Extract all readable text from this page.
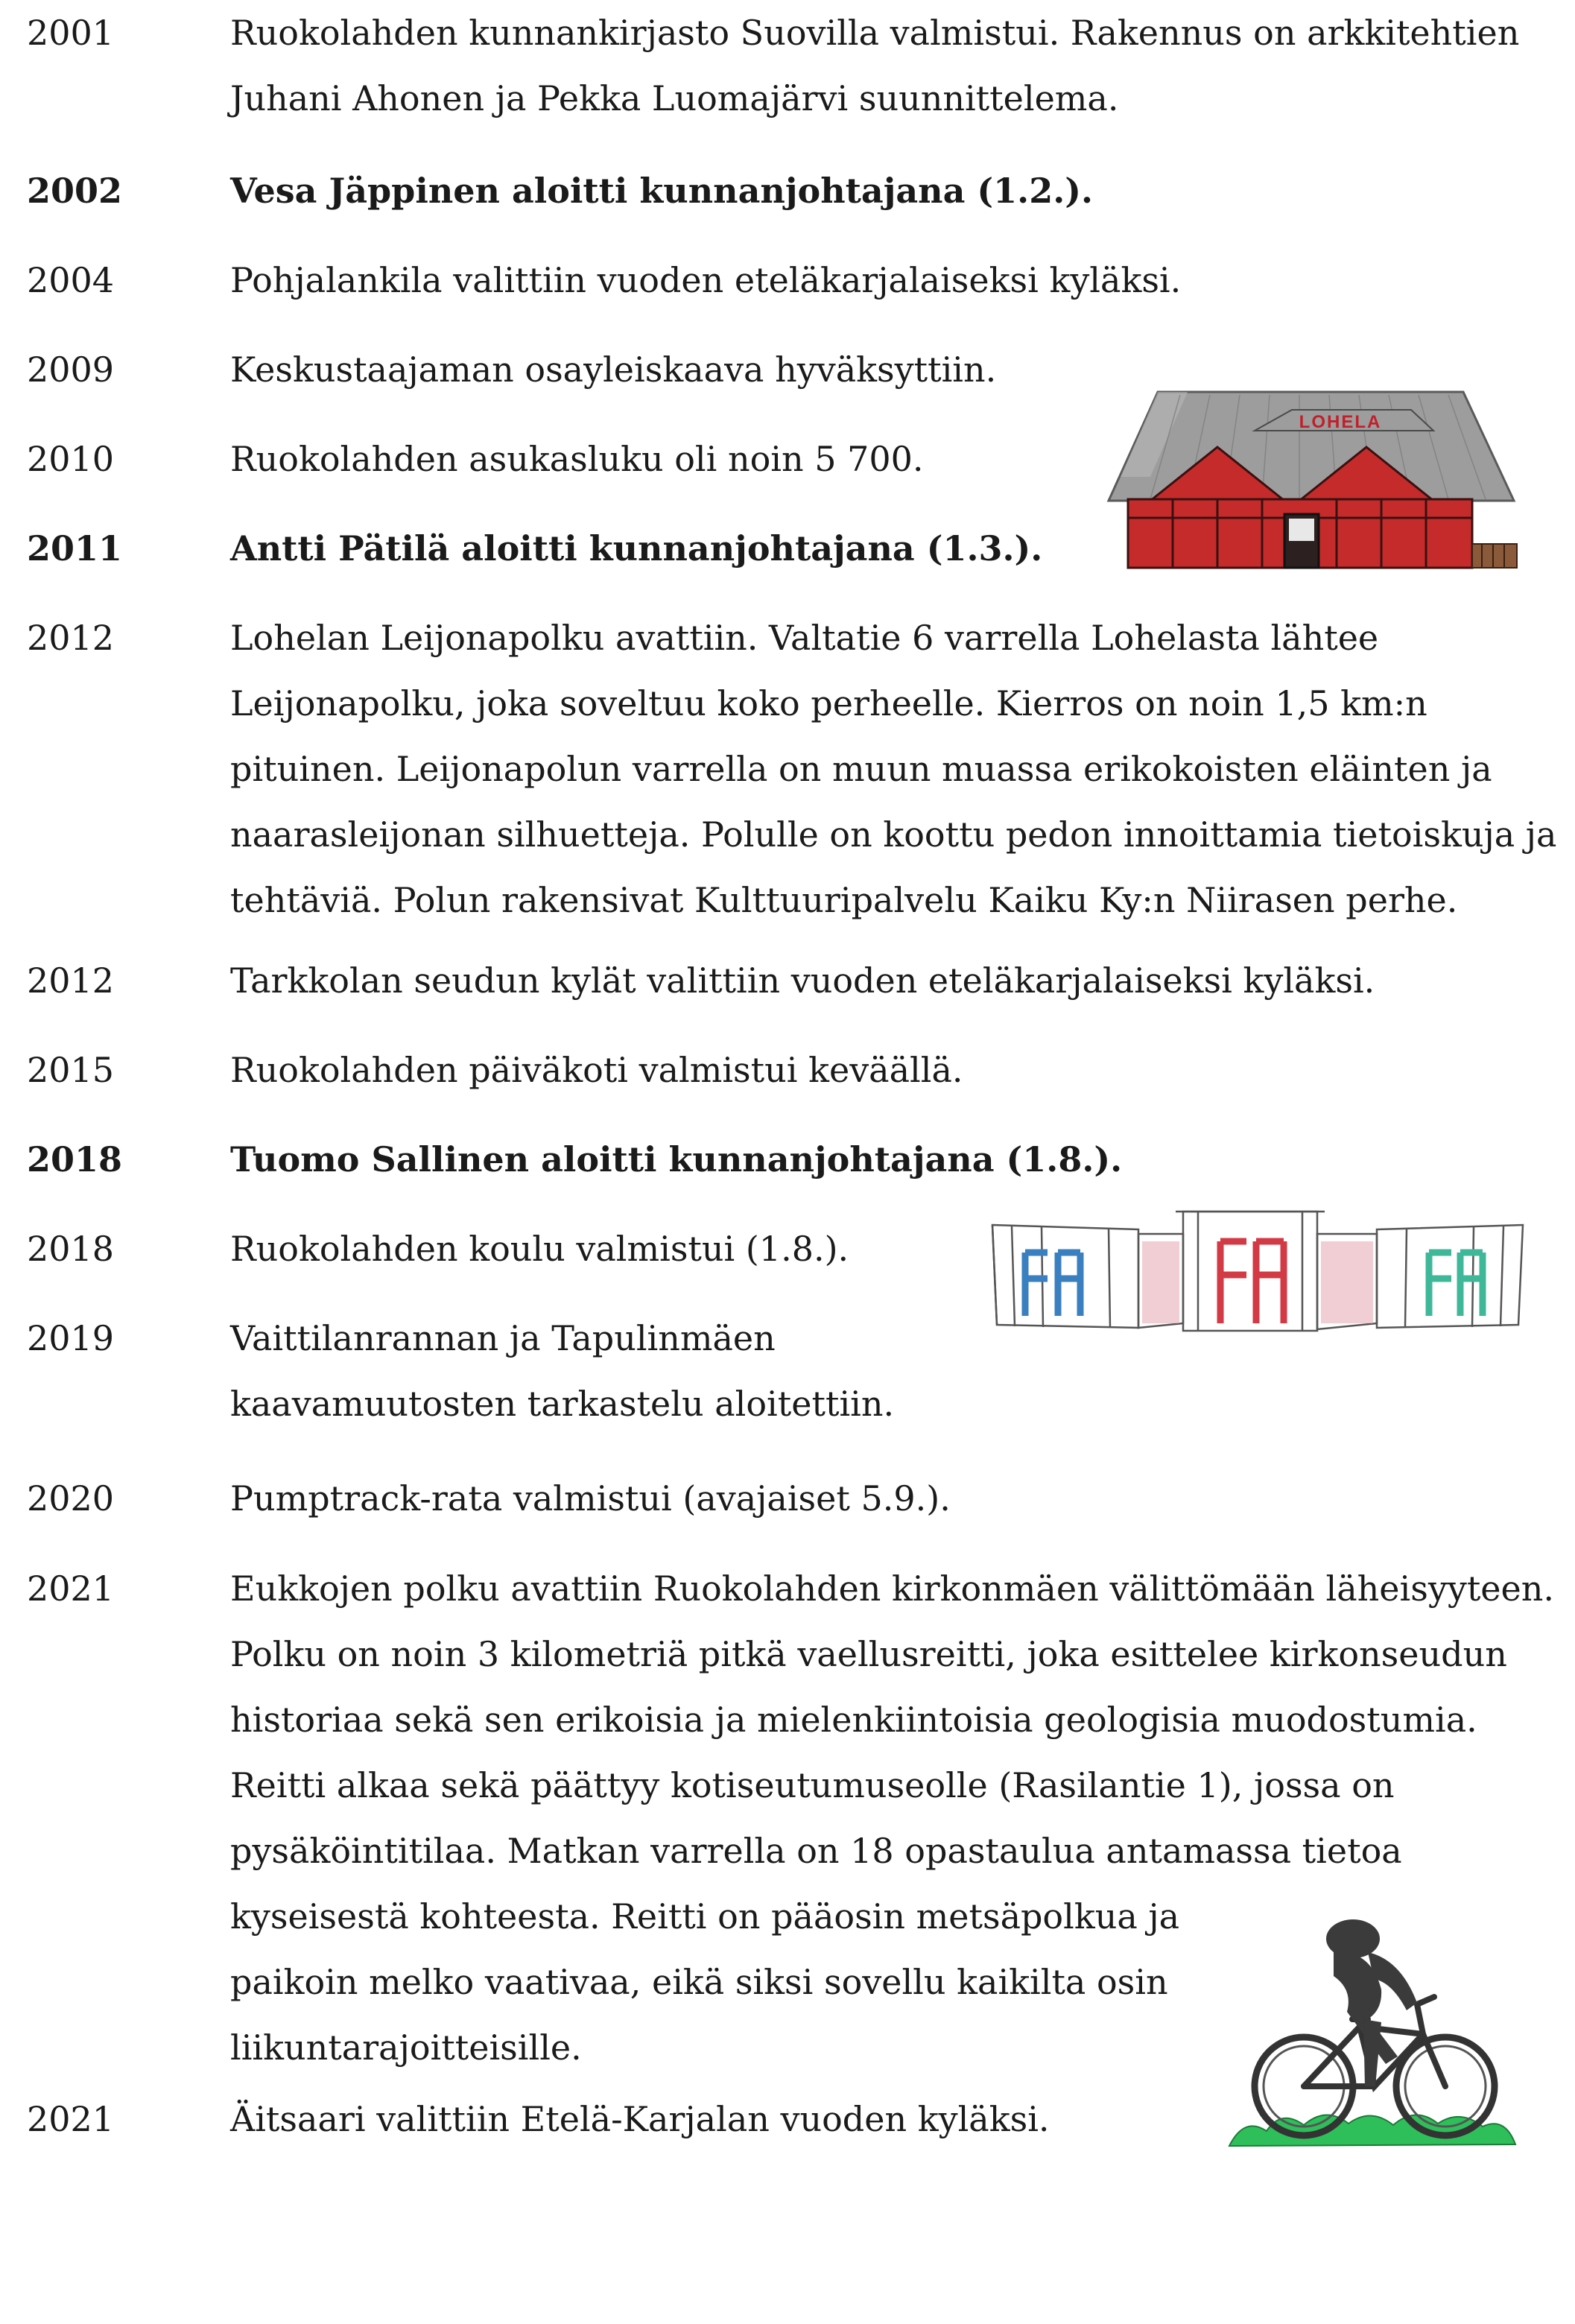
2001	Ruokolahden kunnankirjasto Suovilla valmistui. Rakennus on arkkitehtien
Juhani Ahonen ja Pekka Luomajärvi suunnittelema.
2002	Vesa Jäppinen aloitti kunnanjohtajana (1.2.).
2004	Pohjalankila valittiin vuoden eteläkarjalaiseksi kyläksi.
2009	Keskustaajaman osayleiskaava hyväksyttiin.
2010	Ruokolahden asukasluku oli noin 5 700.
2011	Antti Pätilä aloitti kunnanjohtajana (1.3.).
2012	Lohelan Leijonapolku avattiin. Valtatie 6 varrella Lohelasta lähtee
Leijonapolku, joka soveltuu koko perheelle. Kierros on noin 1,5 km:n
pituinen. Leijonapolun varrella on muun muassa erikokoisten eläinten ja
naarasleijonan silhuetteja. Polulle on koottu pedon innoittamia tietoiskuja ja
tehtäviä. Polun rakensivat Kulttuuripalvelu Kaiku Ky:n Niirasen perhe.
2012	Tarkkolan seudun kylät valittiin vuoden eteläkarjalaiseksi kyläksi.
2015	Ruokolahden päiväkoti valmistui keväällä.
2018	Tuomo Sallinen aloitti kunnanjohtajana (1.8.).
2018	Ruokolahden koulu valmistui (1.8.).
2019	Vaittilanrannan ja Tapulinmäen
kaavamuutosten tarkastelu aloitettiin.
2020	Pumptrack-rata valmistui (avajaiset 5.9.).
2021	Eukkojen polku avattiin Ruokolahden kirkonmäen välittömään läheisyyteen.
Polku on noin 3 kilometriä pitkä vaellusreitti, joka esittelee kirkonseudun
historiaa sekä sen erikoisia ja mielenkiintoisia geologisia muodostumia.
Reitti alkaa sekä päättyy kotiseutumuseolle (Rasilantie 1), jossa on
pysäköintitilaa. Matkan varrella on 18 opastaulua antamassa tietoa
kyseisestä kohteesta. Reitti on pääosin metsäpolkua ja
paikoin melko vaativaa, eikä siksi sovellu kaikilta osin
liikuntarajoitteisille.
2021	Äitsaari valittiin Etelä-Karjalan vuoden kyläksi.
LOHELA
